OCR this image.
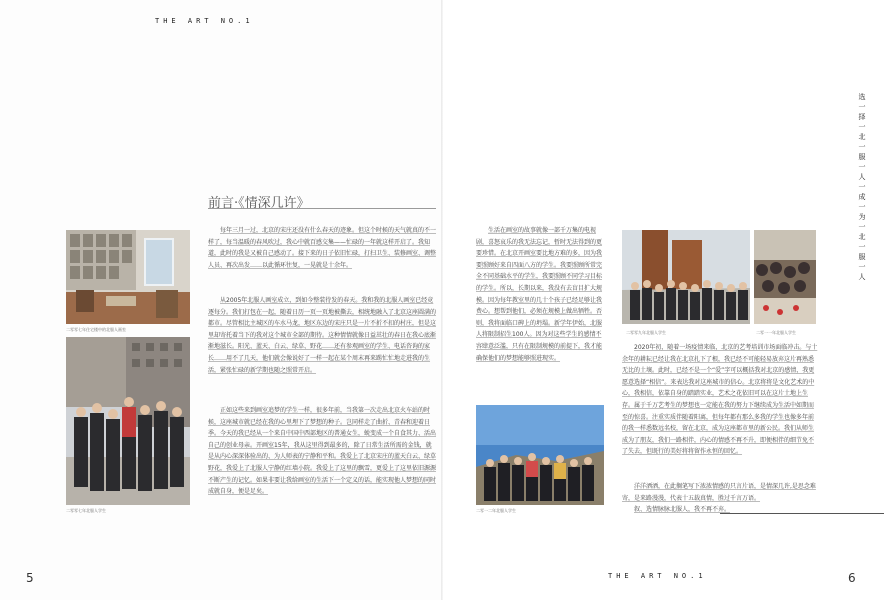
THE ART NO.1
THE ART NO.1
5	6
二零零七年住宅楼中的北服人画室
二零零七年北服人学生
前言·《情深几许》

每年三月一过，北京的宋庄还没有什么春天的迹象。但这个时候的天气就真的不一样了，每当温暖的春风吹过，我心中就百感交集——忙碌的一年就这样开启了。我知道，此时的我是又被自己感动了。接下来的日子依旧忙碌，打扫卫生、装修画室、调整人员、再次出发……以此循环往复，一晃就是十余年。

从2005年北服人画室成立，到如今整装待发的春天。我和我的北服人画室已经竟逐每分。我们打包在一起，随着日历一页一页地被撕去，相统地融入了北京这座圆满的都市。尽管相比主城区的车水马龙，地区东边的宋庄只是一片不折不扣的村庄，但是这里却寄托着当下的我对这个城市全部的期待。这种情情就像日益茁壮的春日在我心底渐渐地滋长。阳光、蓝天、白云、绿草、野花……还有参观画室的学生、电话咨询的家长……用不了几天，他们就会像说好了一样一起在某个周末再来踢忙忙地走进我的生活，紧张忙碌的新学期也随之照常开启。

正如这些来到画室追梦的学生一样，很多年前，当我第一次走出北京火车站的时候，这座城市就已经在我的心里埋下了梦想的种子。岂同样走了曲折、青春和迎着日季。今天的我已经从一个来自中国中西部地区的普通女生，蜕变成一个自食其力、活出自己的创业母亲。开画室15年，我从这里得到最多的，除了日常生活所需的金钱，就是从内心深深体验出的、为人师表的宁静和平和。我爱上了北京宋庄的蓝天白云、绿草野花，我爱上了北服人宁静的红墙小院。我爱上了这里的飘雪，更爱上了这里依旧源源不断产生的记忆。如果非要让我给画室的生活下一个定义的话，能实现他人梦想的同时成就自身，便是足矣。

生活在画室的故事就像一部千万集的电视剧，喜怒哀乐的我无法忘记，暂时无法得到的更要珍惜。在北京开画室要比地方难的多，因为我要照顾好来自四面八方的学生。我要照顾所常完全不同基础水平的学生，我要照顾不同学习目标的学生。所以，长期以来，我没有去盲目扩大规模。因为每年教室里的几十个孩子已经足够让我费心。想帮到他们，必须在规模上做出牺牲。否则，我将面临口碑上的坍塌。新学年伊始，北服人将限制招生100人。因为对这些学生的感情不容肆意泛滥，只有在限制规模的前提下，我才能确保他们的梦想能够照进现实。

二零零九年北服人学生	二零一一年北服人学生

2020年初，随着一场疫情来临，北京的艺考培训市场面临冲击。与十余年的耕耘已经让我在北京扎下了根，我已经不可能轻易放弃这片再熟悉无比的土壤。此时，已经不是一个“爱”字可以概括我对北京的感情，我更愿意选择“相信”。来表达我对这座城市的信心。北京将将是文化艺术的中心，我相信，依靠自身的踏踏实业，艺术之花依旧可以在这片土地上生存。属于千万艺考生的梦想也一定能在我的努力下继续成为生活中如期而至的惊喜。注重实质伴随着阳离，但每年都有那么多我的学生也像多年前的我一样悉数远名校，留在北京，成为这座都市里的新公民。我们从师生成为了朋友，我们一路相伴，内心的情感不再不升，即便相伴的细节免不了失去，但既行的美好将将留作永恒的回忆。

洋洋洒洒，在此搁笔写下浓浓情感的只言片语，是情深几许,是思念难寄，是来路漫漫，代表十五载真情，胜过千言万语。

叙、选情脉脉北服人，我不再不弃。

二零一二年北服人学生
选
一
择
一
北
一
服
一
人
一
成
一
为
一
北
一
服
一
人
